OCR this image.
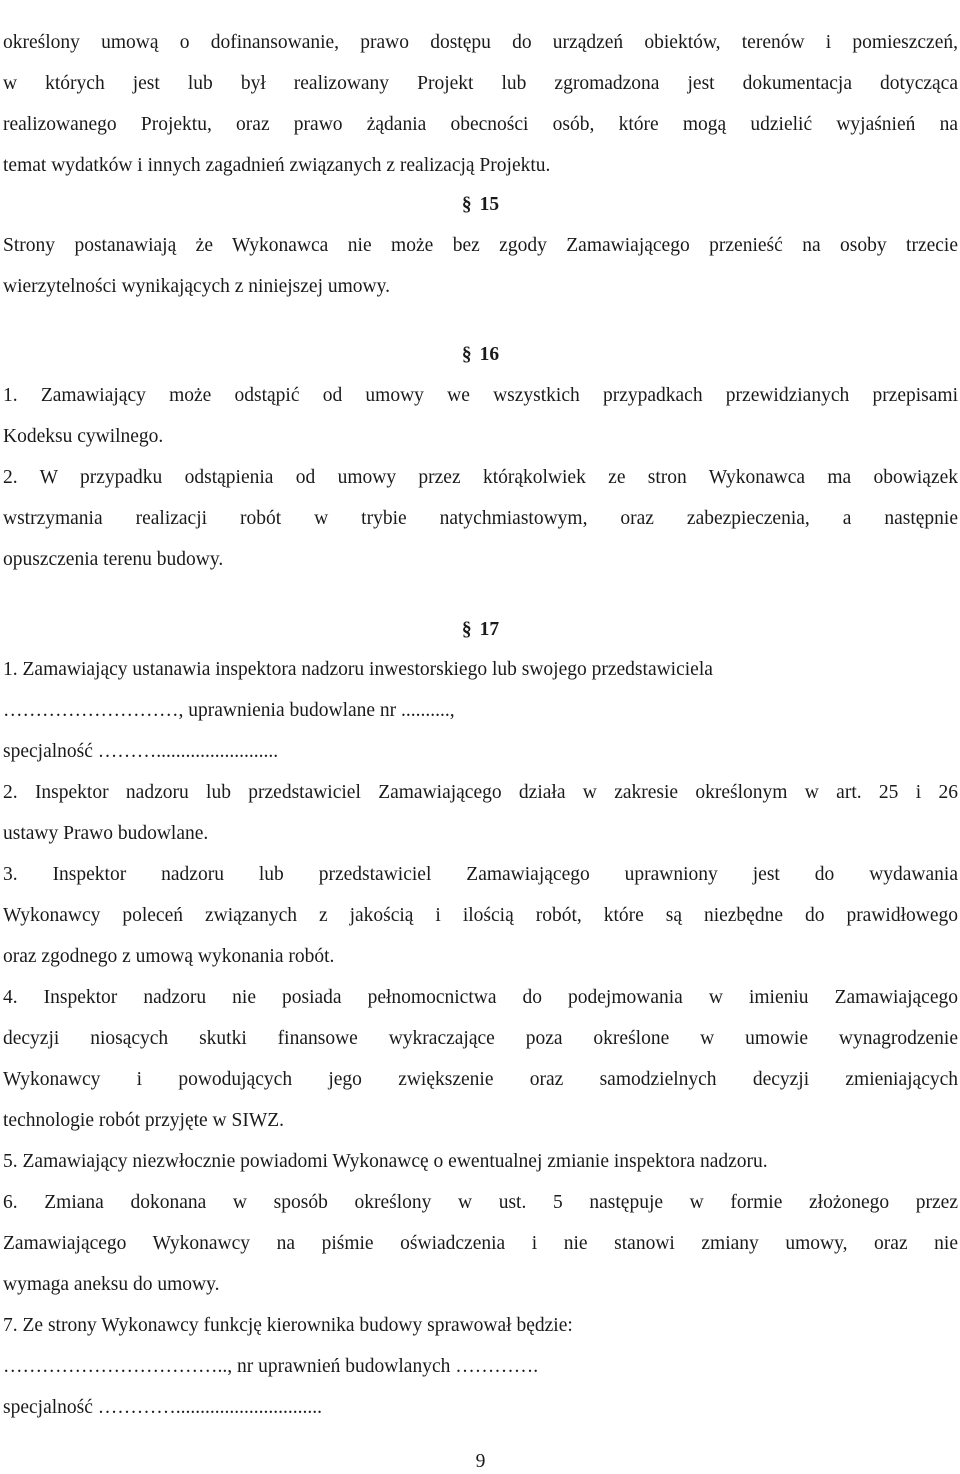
określony umową o dofinansowanie, prawo dostępu do urządzeń obiektów, terenów i pomieszczeń,
w których jest lub był realizowany Projekt lub zgromadzona jest dokumentacja dotycząca
realizowanego Projektu, oraz prawo żądania obecności osób, które mogą udzielić wyjaśnień na
temat wydatków i innych zagadnień związanych z realizacją Projektu.
§ 15
Strony postanawiają że Wykonawca nie może bez zgody Zamawiającego przenieść na osoby trzecie
wierzytelności wynikających z niniejszej umowy.
§ 16
1. Zamawiający może odstąpić od umowy we wszystkich przypadkach przewidzianych przepisami
Kodeksu cywilnego.
2. W przypadku odstąpienia od umowy przez którąkolwiek ze stron Wykonawca ma obowiązek
wstrzymania realizacji robót w trybie natychmiastowym, oraz zabezpieczenia, a następnie
opuszczenia terenu budowy.
§ 17
1. Zamawiający ustanawia inspektora nadzoru inwestorskiego lub swojego przedstawiciela
………………………, uprawnienia budowlane nr ..........,
specjalność ……….........................
2. Inspektor nadzoru lub przedstawiciel Zamawiającego działa w zakresie określonym w art. 25 i 26
ustawy Prawo budowlane.
3. Inspektor nadzoru lub przedstawiciel Zamawiającego uprawniony jest do wydawania
Wykonawcy poleceń związanych z jakością i ilością robót, które są niezbędne do prawidłowego
oraz zgodnego z umową wykonania robót.
4. Inspektor nadzoru nie posiada pełnomocnictwa do podejmowania w imieniu Zamawiającego
decyzji niosących skutki finansowe wykraczające poza określone w umowie wynagrodzenie
Wykonawcy i powodujących jego zwiększenie oraz samodzielnych decyzji zmieniających
technologie robót przyjęte w SIWZ.
5. Zamawiający niezwłocznie powiadomi Wykonawcę o ewentualnej zmianie inspektora nadzoru.
6. Zmiana dokonana w sposób określony w ust. 5 następuje w formie złożonego przez
Zamawiającego Wykonawcy na piśmie oświadczenia i nie stanowi zmiany umowy, oraz nie
wymaga aneksu do umowy.
7. Ze strony Wykonawcy funkcję kierownika budowy sprawował będzie:
…………………………….., nr uprawnień budowlanych ………….
specjalność …………..............................
9
